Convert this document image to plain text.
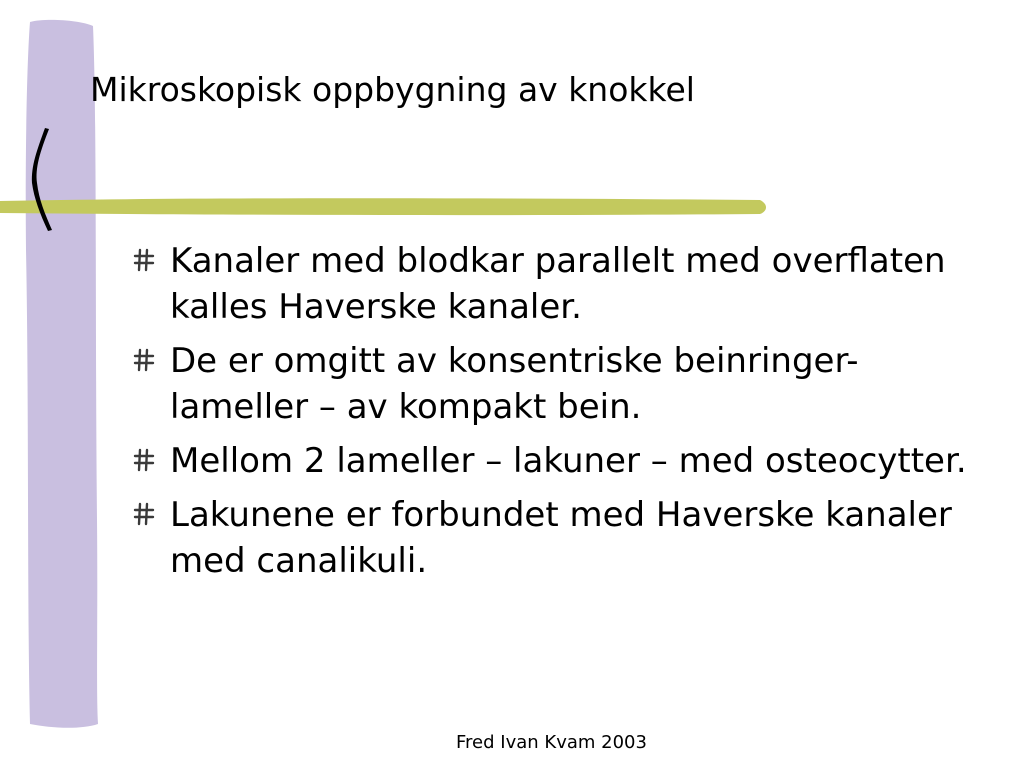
Mikroskopisk oppbygning av knokkel
Kanaler med blodkar parallelt med overflaten kalles Haverske kanaler.
De er omgitt av konsentriske beinringer- lameller – av kompakt bein.
Mellom 2 lameller – lakuner – med osteocytter.
Lakunene er forbundet med Haverske kanaler med canalikuli.
Fred Ivan Kvam 2003
